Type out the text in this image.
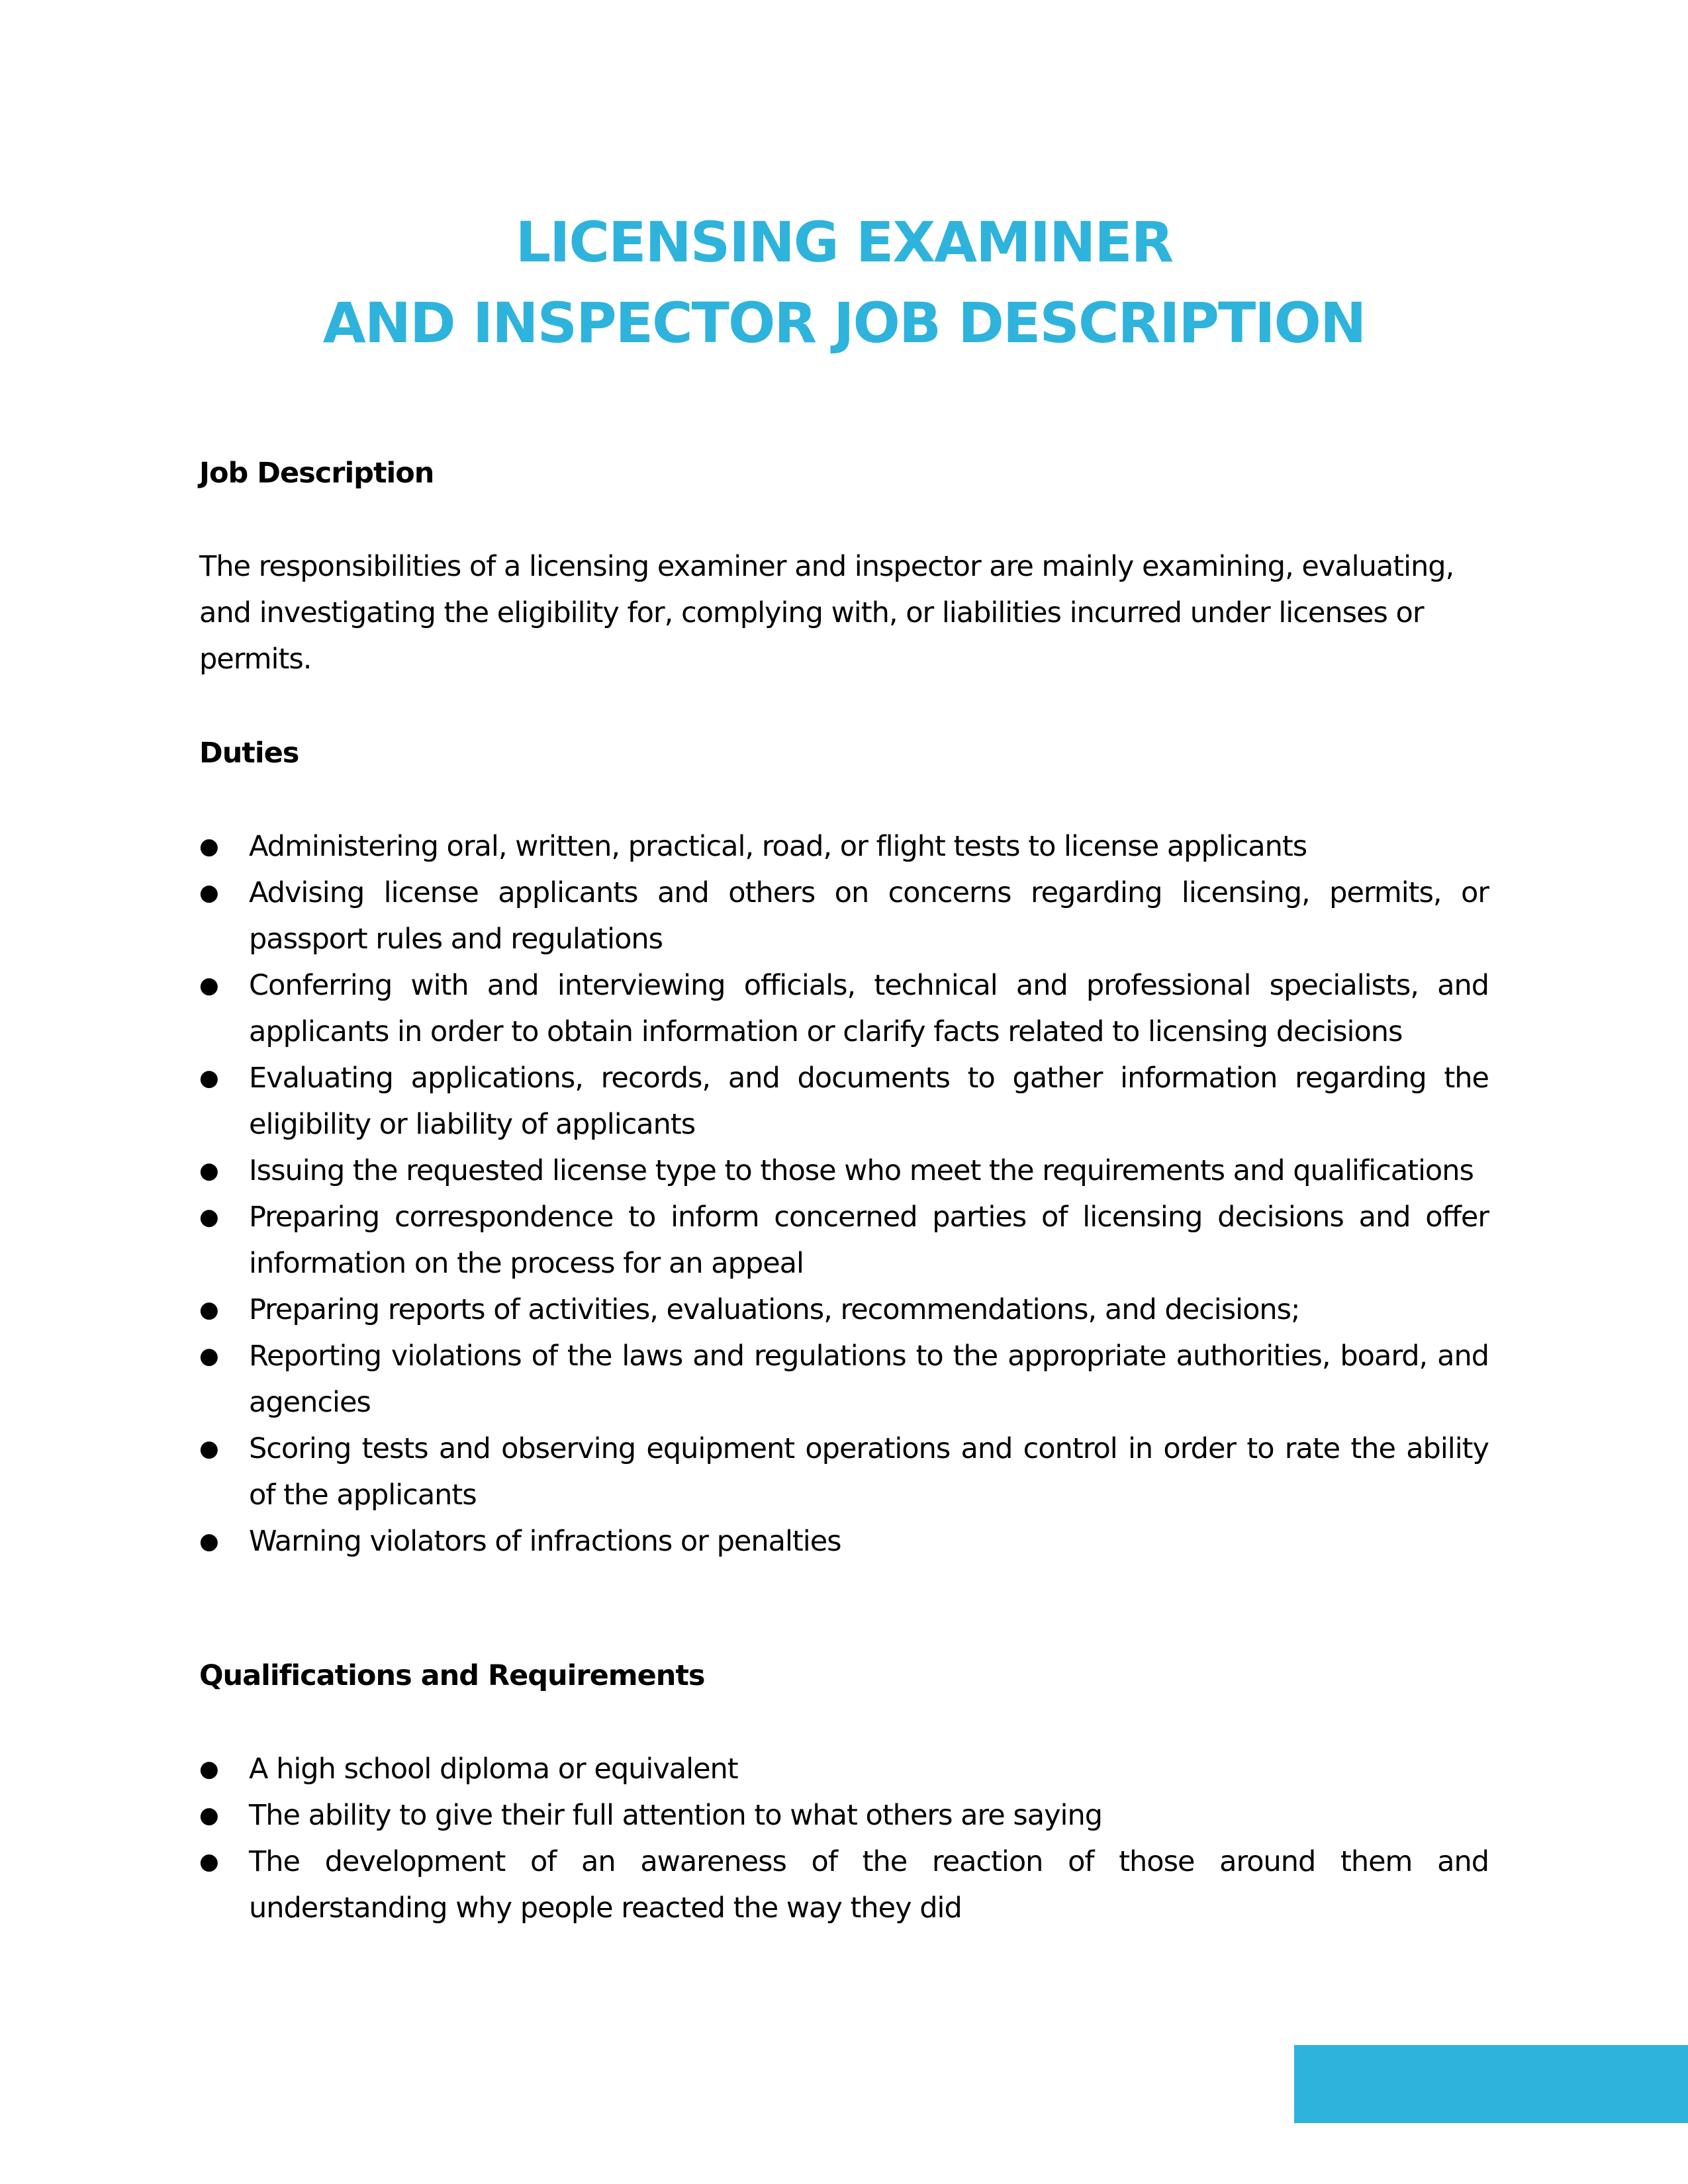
LICENSING EXAMINER
AND INSPECTOR JOB DESCRIPTION
Job Description
The responsibilities of a licensing examiner and inspector are mainly examining, evaluating, and investigating the eligibility for, complying with, or liabilities incurred under licenses or permits.
Duties
● Administering oral, written, practical, road, or flight tests to license applicants
● Advising license applicants and others on concerns regarding licensing, permits, or passport rules and regulations
● Conferring with and interviewing officials, technical and professional specialists, and applicants in order to obtain information or clarify facts related to licensing decisions
● Evaluating applications, records, and documents to gather information regarding the eligibility or liability of applicants
● Issuing the requested license type to those who meet the requirements and qualifications
● Preparing correspondence to inform concerned parties of licensing decisions and offer information on the process for an appeal
● Preparing reports of activities, evaluations, recommendations, and decisions;
● Reporting violations of the laws and regulations to the appropriate authorities, board, and agencies
● Scoring tests and observing equipment operations and control in order to rate the ability of the applicants
● Warning violators of infractions or penalties
Qualifications and Requirements
● A high school diploma or equivalent
● The ability to give their full attention to what others are saying
● The development of an awareness of the reaction of those around them and understanding why people reacted the way they did
